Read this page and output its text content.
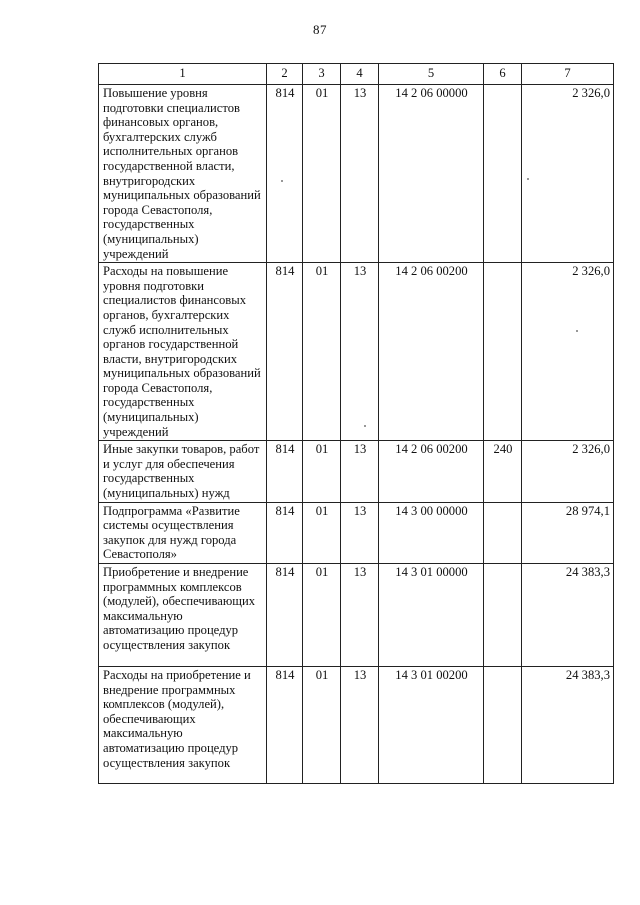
87
1	2	3	4	5	6	7
Повышение уровня подготовки специалистов финансовых органов, бухгалтерских служб исполнительных органов государственной власти, внутригородских муниципальных образований города Севастополя, государственных (муниципальных) учреждений	814	01	13	14 2 06 00000		2 326,0
Расходы на повышение уровня подготовки специалистов финансовых органов, бухгалтерских служб исполнительных органов государственной власти, внутригородских муниципальных образований города Севастополя, государственных (муниципальных) учреждений	814	01	13	14 2 06 00200		2 326,0
Иные закупки товаров, работ и услуг для обеспечения государственных (муниципальных) нужд	814	01	13	14 2 06 00200	240	2 326,0
Подпрограмма «Развитие системы осуществления закупок для нужд города Севастополя»	814	01	13	14 3 00 00000		28 974,1
Приобретение и внедрение программных комплексов (модулей), обеспечивающих максимальную автоматизацию процедур осуществления закупок	814	01	13	14 3 01 00000		24 383,3
Расходы на приобретение и внедрение программных комплексов (модулей), обеспечивающих максимальную автоматизацию процедур осуществления закупок	814	01	13	14 3 01 00200		24 383,3
